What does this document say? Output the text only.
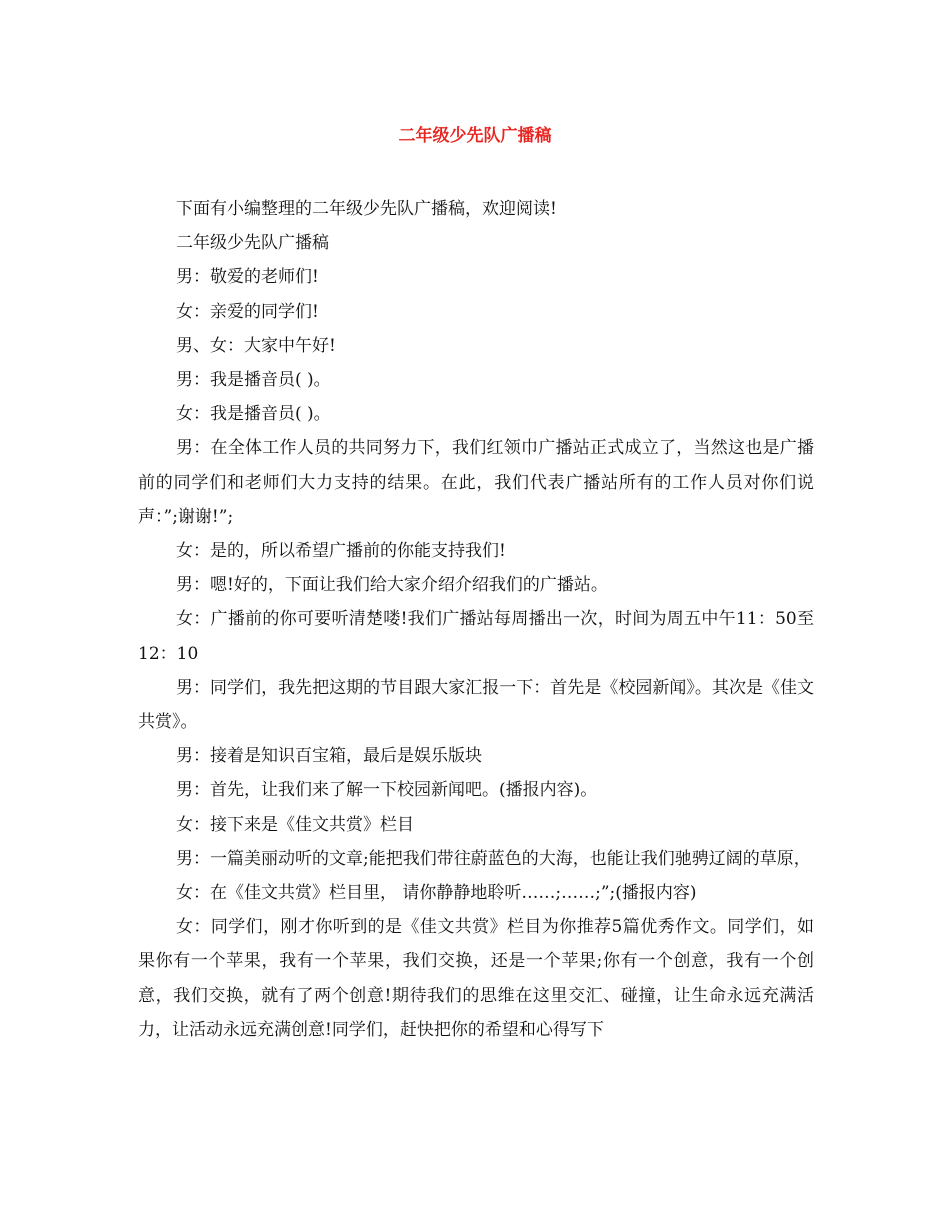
二年级少先队广播稿

下面有小编整理的二年级少先队广播稿，欢迎阅读!

二年级少先队广播稿

男：敬爱的老师们!

女：亲爱的同学们!

男、女：大家中午好!

男：我是播音员( )。

女：我是播音员( )。

男：在全体工作人员的共同努力下，我们红领巾广播站正式成立了，当然这也是广播前的同学们和老师们大力支持的结果。在此，我们代表广播站所有的工作人员对你们说声：”;谢谢!”;

女：是的，所以希望广播前的你能支持我们!

男：嗯!好的，下面让我们给大家介绍介绍我们的广播站。

女：广播前的你可要听清楚喽!我们广播站每周播出一次，时间为周五中午11：50至12：10

男：同学们，我先把这期的节目跟大家汇报一下：首先是《校园新闻》。其次是《佳文共赏》。

男：接着是知识百宝箱，最后是娱乐版块

男：首先，让我们来了解一下校园新闻吧。(播报内容)。

女：接下来是《佳文共赏》栏目

男：一篇美丽动听的文章;能把我们带往蔚蓝色的大海，也能让我们驰骋辽阔的草原，

女：在《佳文共赏》栏目里， 请你静静地聆听……;……;”;(播报内容)

女：同学们，刚才你听到的是《佳文共赏》栏目为你推荐5篇优秀作文。同学们，如果你有一个苹果，我有一个苹果，我们交换，还是一个苹果;你有一个创意，我有一个创意，我们交换，就有了两个创意!期待我们的思维在这里交汇、碰撞，让生命永远充满活力，让活动永远充满创意!同学们，赶快把你的希望和心得写下
